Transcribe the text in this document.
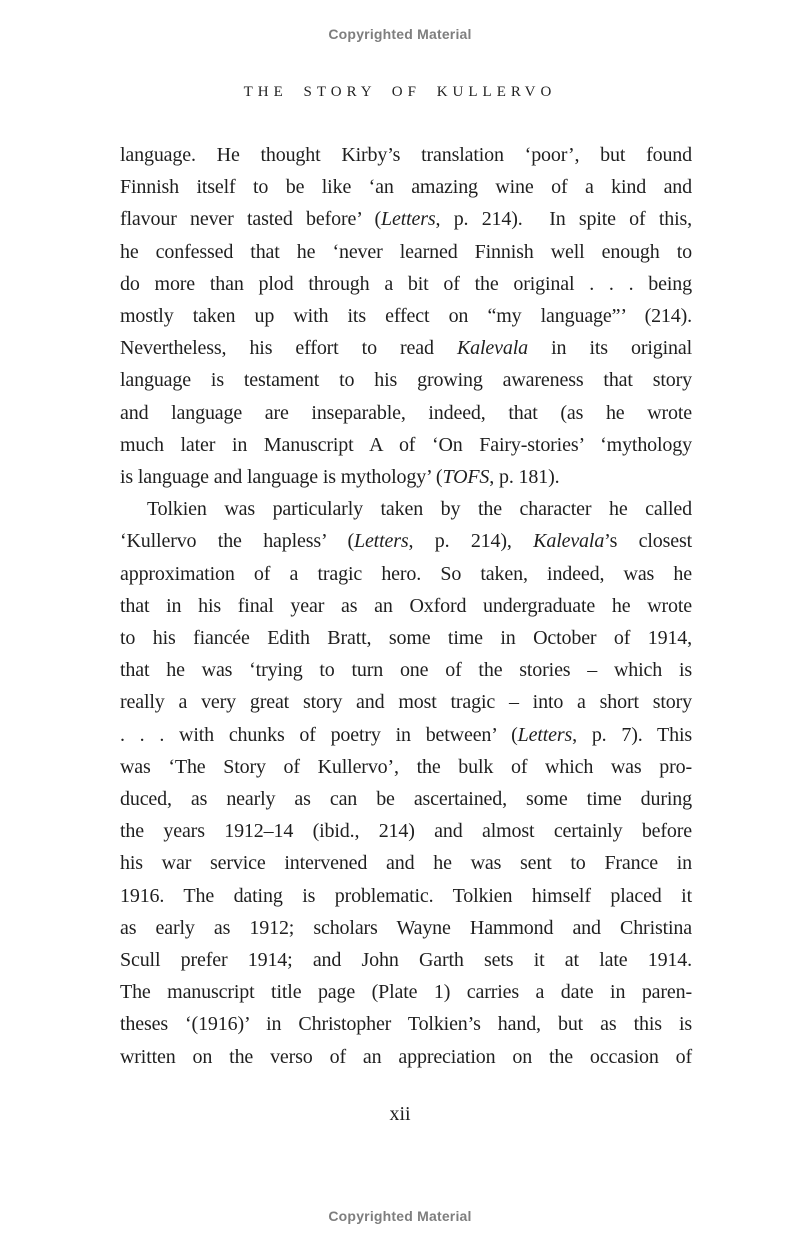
Copyrighted Material
THE STORY OF KULLERVO
language. He thought Kirby’s translation ‘poor’, but found
Finnish itself to be like ‘an amazing wine of a kind and
flavour never tasted before’ (Letters, p. 214).  In spite of this,
he confessed that he ‘never learned Finnish well enough to
do more than plod through a bit of the original . . . being
mostly taken up with its effect on “my language”’ (214).
Nevertheless, his effort to read Kalevala in its original
language is testament to his growing awareness that story
and language are inseparable, indeed, that (as he wrote
much later in Manuscript A of ‘On Fairy-stories’ ‘mythology
is language and language is mythology’ (TOFS, p. 181).
Tolkien was particularly taken by the character he called
‘Kullervo the hapless’ (Letters, p. 214), Kalevala’s closest
approximation of a tragic hero. So taken, indeed, was he
that in his final year as an Oxford undergraduate he wrote
to his fiancée Edith Bratt, some time in October of 1914,
that he was ‘trying to turn one of the stories – which is
really a very great story and most tragic – into a short story
. . . with chunks of poetry in between’ (Letters, p. 7). This
was ‘The Story of Kullervo’, the bulk of which was pro-
duced, as nearly as can be ascertained, some time during
the years 1912–14 (ibid., 214) and almost certainly before
his war service intervened and he was sent to France in
1916. The dating is problematic. Tolkien himself placed it
as early as 1912; scholars Wayne Hammond and Christina
Scull prefer 1914; and John Garth sets it at late 1914.
The manuscript title page (Plate 1) carries a date in paren-
theses ‘(1916)’ in Christopher Tolkien’s hand, but as this is
written on the verso of an appreciation on the occasion of
xii
Copyrighted Material
